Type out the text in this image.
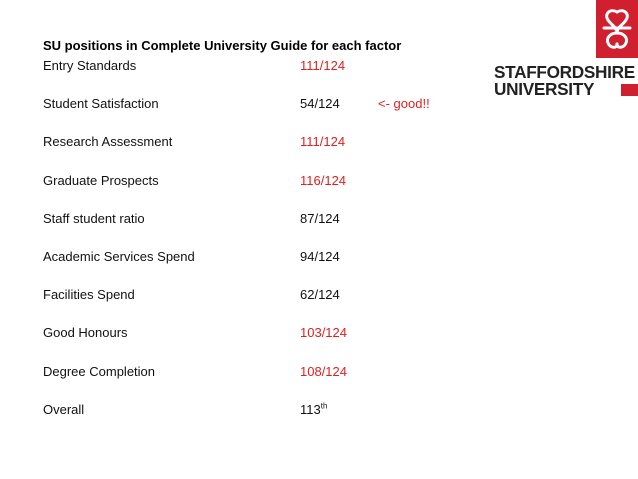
SU positions in Complete University Guide for each factor
Entry Standards	111/124
Student Satisfaction	54/124	<- good!!
Research Assessment	111/124
Graduate Prospects	116/124
Staff student ratio	87/124
Academic Services Spend	94/124
Facilities Spend	62/124
Good Honours	103/124
Degree Completion	108/124
Overall	113th
STAFFORDSHIRE
UNIVERSITY
